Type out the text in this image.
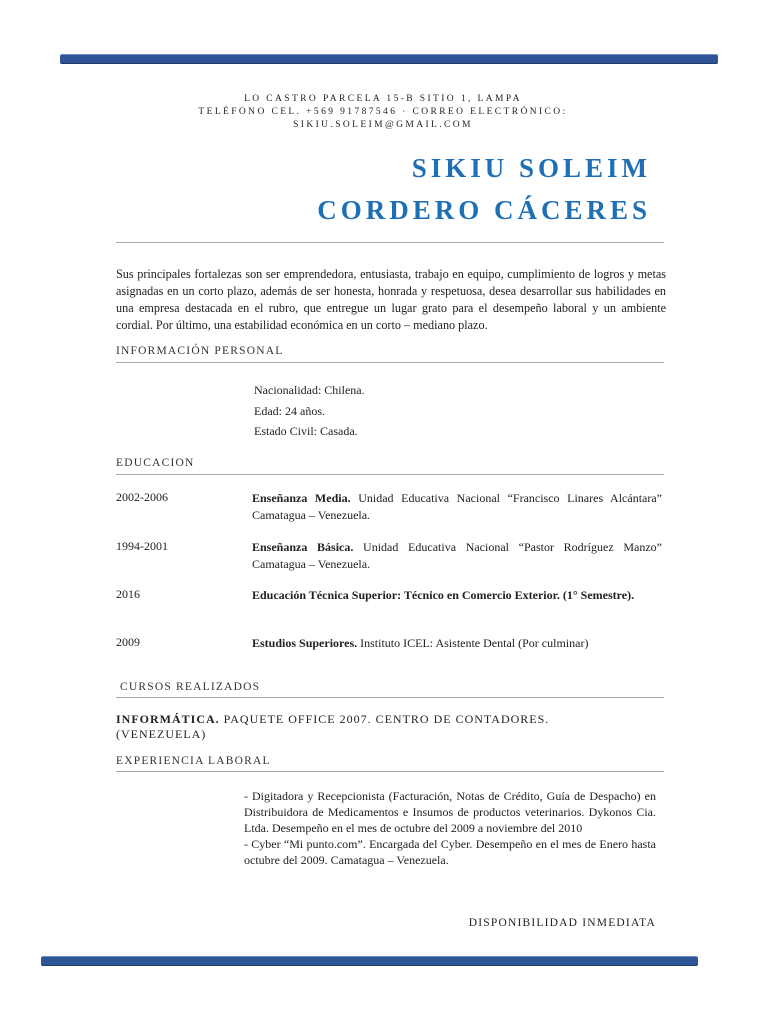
LO CASTRO PARCELA 15-B SITIO 1, LAMPA
TELÉFONO CEL. +569 91787546 · CORREO ELECTRÓNICO:
SIKIU.SOLEIM@GMAIL.COM
SIKIU SOLEIM
CORDERO CÁCERES
Sus principales fortalezas son ser emprendedora, entusiasta, trabajo en equipo, cumplimiento de logros y metas asignadas en un corto plazo, además de ser honesta, honrada y respetuosa, desea desarrollar sus habilidades en una empresa destacada en el rubro, que entregue un lugar grato para el desempeño laboral y un ambiente cordial. Por último, una estabilidad económica en un corto – mediano plazo.
INFORMACIÓN PERSONAL
Nacionalidad: Chilena.
Edad: 24 años.
Estado Civil: Casada.
EDUCACION
2002-2006	Enseñanza Media. Unidad Educativa Nacional “Francisco Linares Alcántara” Camatagua – Venezuela.
1994-2001	Enseñanza Básica. Unidad Educativa Nacional “Pastor Rodríguez Manzo” Camatagua – Venezuela.
2016	Educación Técnica Superior: Técnico en Comercio Exterior. (1° Semestre).
2009	Estudios Superiores. Instituto ICEL: Asistente Dental (Por culminar)
CURSOS REALIZADOS
INFORMÁTICA. PAQUETE OFFICE 2007. CENTRO DE CONTADORES. (VENEZUELA)
EXPERIENCIA LABORAL
- Digitadora y Recepcionista (Facturación, Notas de Crédito, Guía de Despacho) en Distribuidora de Medicamentos e Insumos de productos veterinarios. Dykonos Cia. Ltda. Desempeño en el mes de octubre del 2009 a noviembre del 2010
- Cyber “Mi punto.com”. Encargada del Cyber. Desempeño en el mes de Enero hasta octubre del 2009. Camatagua – Venezuela.
DISPONIBILIDAD INMEDIATA
